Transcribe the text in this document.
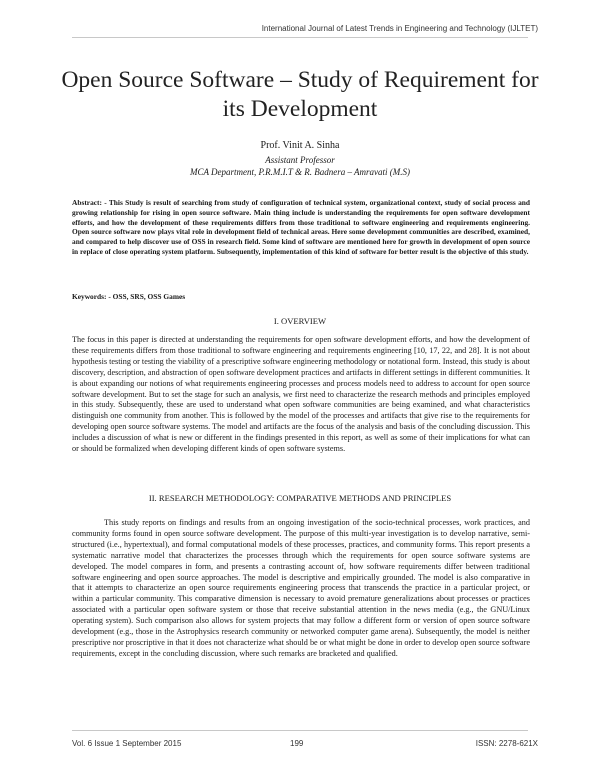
International Journal of Latest Trends in Engineering and Technology (IJLTET)
Open Source Software – Study of Requirement for its Development
Prof. Vinit A. Sinha
Assistant Professor
MCA Department, P.R.M.I.T & R. Badnera – Amravati (M.S)

Abstract: - This Study is result of searching from study of configuration of technical system, organizational context, study of social process and growing relationship for rising in open source software. Main thing include is understanding the requirements for open software development efforts, and how the development of these requirements differs from those traditional to software engineering and requirements engineering. Open source software now plays vital role in development field of technical areas. Here some development communities are described, examined, and compared to help discover use of OSS in research field. Some kind of software are mentioned here for growth in development of open source in replace of close operating system platform. Subsequently, implementation of this kind of software for better result is the objective of this study.

Keywords: - OSS, SRS, OSS Games

I. OVERVIEW

The focus in this paper is directed at understanding the requirements for open software development efforts, and how the development of these requirements differs from those traditional to software engineering and requirements engineering [10, 17, 22, and 28]. It is not about hypothesis testing or testing the viability of a prescriptive software engineering methodology or notational form. Instead, this study is about discovery, description, and abstraction of open software development practices and artifacts in different settings in different communities. It is about expanding our notions of what requirements engineering processes and process models need to address to account for open source software development. But to set the stage for such an analysis, we first need to characterize the research methods and principles employed in this study. Subsequently, these are used to understand what open software communities are being examined, and what characteristics distinguish one community from another. This is followed by the model of the processes and artifacts that give rise to the requirements for developing open source software systems. The model and artifacts are the focus of the analysis and basis of the concluding discussion. This includes a discussion of what is new or different in the findings presented in this report, as well as some of their implications for what can or should be formalized when developing different kinds of open software systems.

II. RESEARCH METHODOLOGY: COMPARATIVE METHODS AND PRINCIPLES

This study reports on findings and results from an ongoing investigation of the socio-technical processes, work practices, and community forms found in open source software development. The purpose of this multi-year investigation is to develop narrative, semi-structured (i.e., hypertextual), and formal computational models of these processes, practices, and community forms. This report presents a systematic narrative model that characterizes the processes through which the requirements for open source software systems are developed. The model compares in form, and presents a contrasting account of, how software requirements differ between traditional software engineering and open source approaches. The model is descriptive and empirically grounded. The model is also comparative in that it attempts to characterize an open source requirements engineering process that transcends the practice in a particular project, or within a particular community. This comparative dimension is necessary to avoid premature generalizations about processes or practices associated with a particular open software system or those that receive substantial attention in the news media (e.g., the GNU/Linux operating system). Such comparison also allows for system projects that may follow a different form or version of open source software development (e.g., those in the Astrophysics research community or networked computer game arena). Subsequently, the model is neither prescriptive nor proscriptive in that it does not characterize what should be or what might be done in order to develop open source software requirements, except in the concluding discussion, where such remarks are bracketed and qualified.

Vol. 6 Issue 1 September 2015	199	ISSN: 2278-621X
